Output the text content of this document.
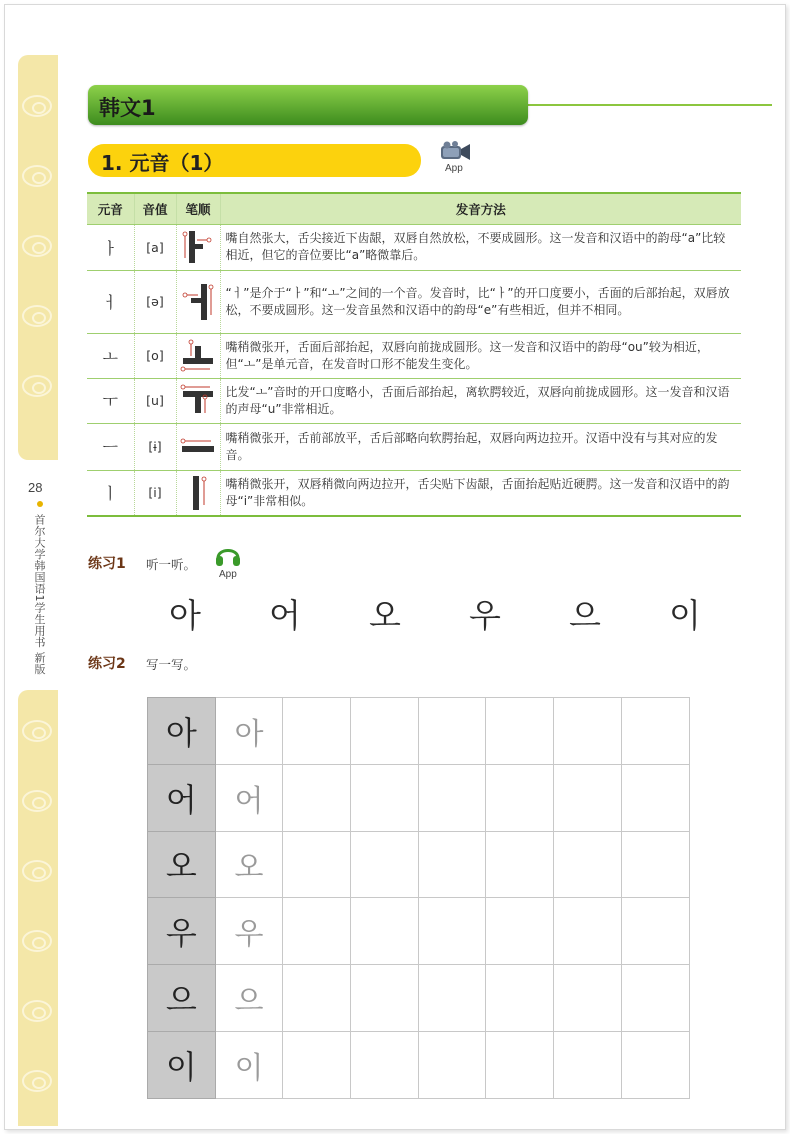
28
首尔大学韩国语1学生用书 新版
韩文1
1. 元音（1）	App
元音	音值	笔顺	发音方法
ㅏ	[a]		嘴自然张大，舌尖接近下齿龈，双唇自然放松，不要成圆形。这一发音和汉语中的韵母“a”比较相近，但它的音位要比“a”略微靠后。
ㅓ	[ə]		“ㅓ”是介于“ㅏ”和“ㅗ”之间的一个音。发音时，比“ㅏ”的开口度要小，舌面的后部抬起，双唇放松，不要成圆形。这一发音虽然和汉语中的韵母“e”有些相近，但并不相同。
ㅗ	[o]		嘴稍微张开，舌面后部抬起，双唇向前拢成圆形。这一发音和汉语中的韵母“ou”较为相近，但“ㅗ”是单元音，在发音时口形不能发生变化。
ㅜ	[u]		比发“ㅗ”音时的开口度略小，舌面后部抬起，离软腭较近，双唇向前拢成圆形。这一发音和汉语的声母“u”非常相近。
ㅡ	[ɨ]		嘴稍微张开，舌前部放平，舌后部略向软腭抬起，双唇向两边拉开。汉语中没有与其对应的发音。
ㅣ	[i]		嘴稍微张开，双唇稍微向两边拉开，舌尖贴下齿龈，舌面抬起贴近硬腭。这一发音和汉语中的韵母“i”非常相似。
练习1 听一听。
App
아	어	오	우	으	이
练习2 写一写。
아	아						
어	어						
오	오						
우	우						
으	으						
이	이						
